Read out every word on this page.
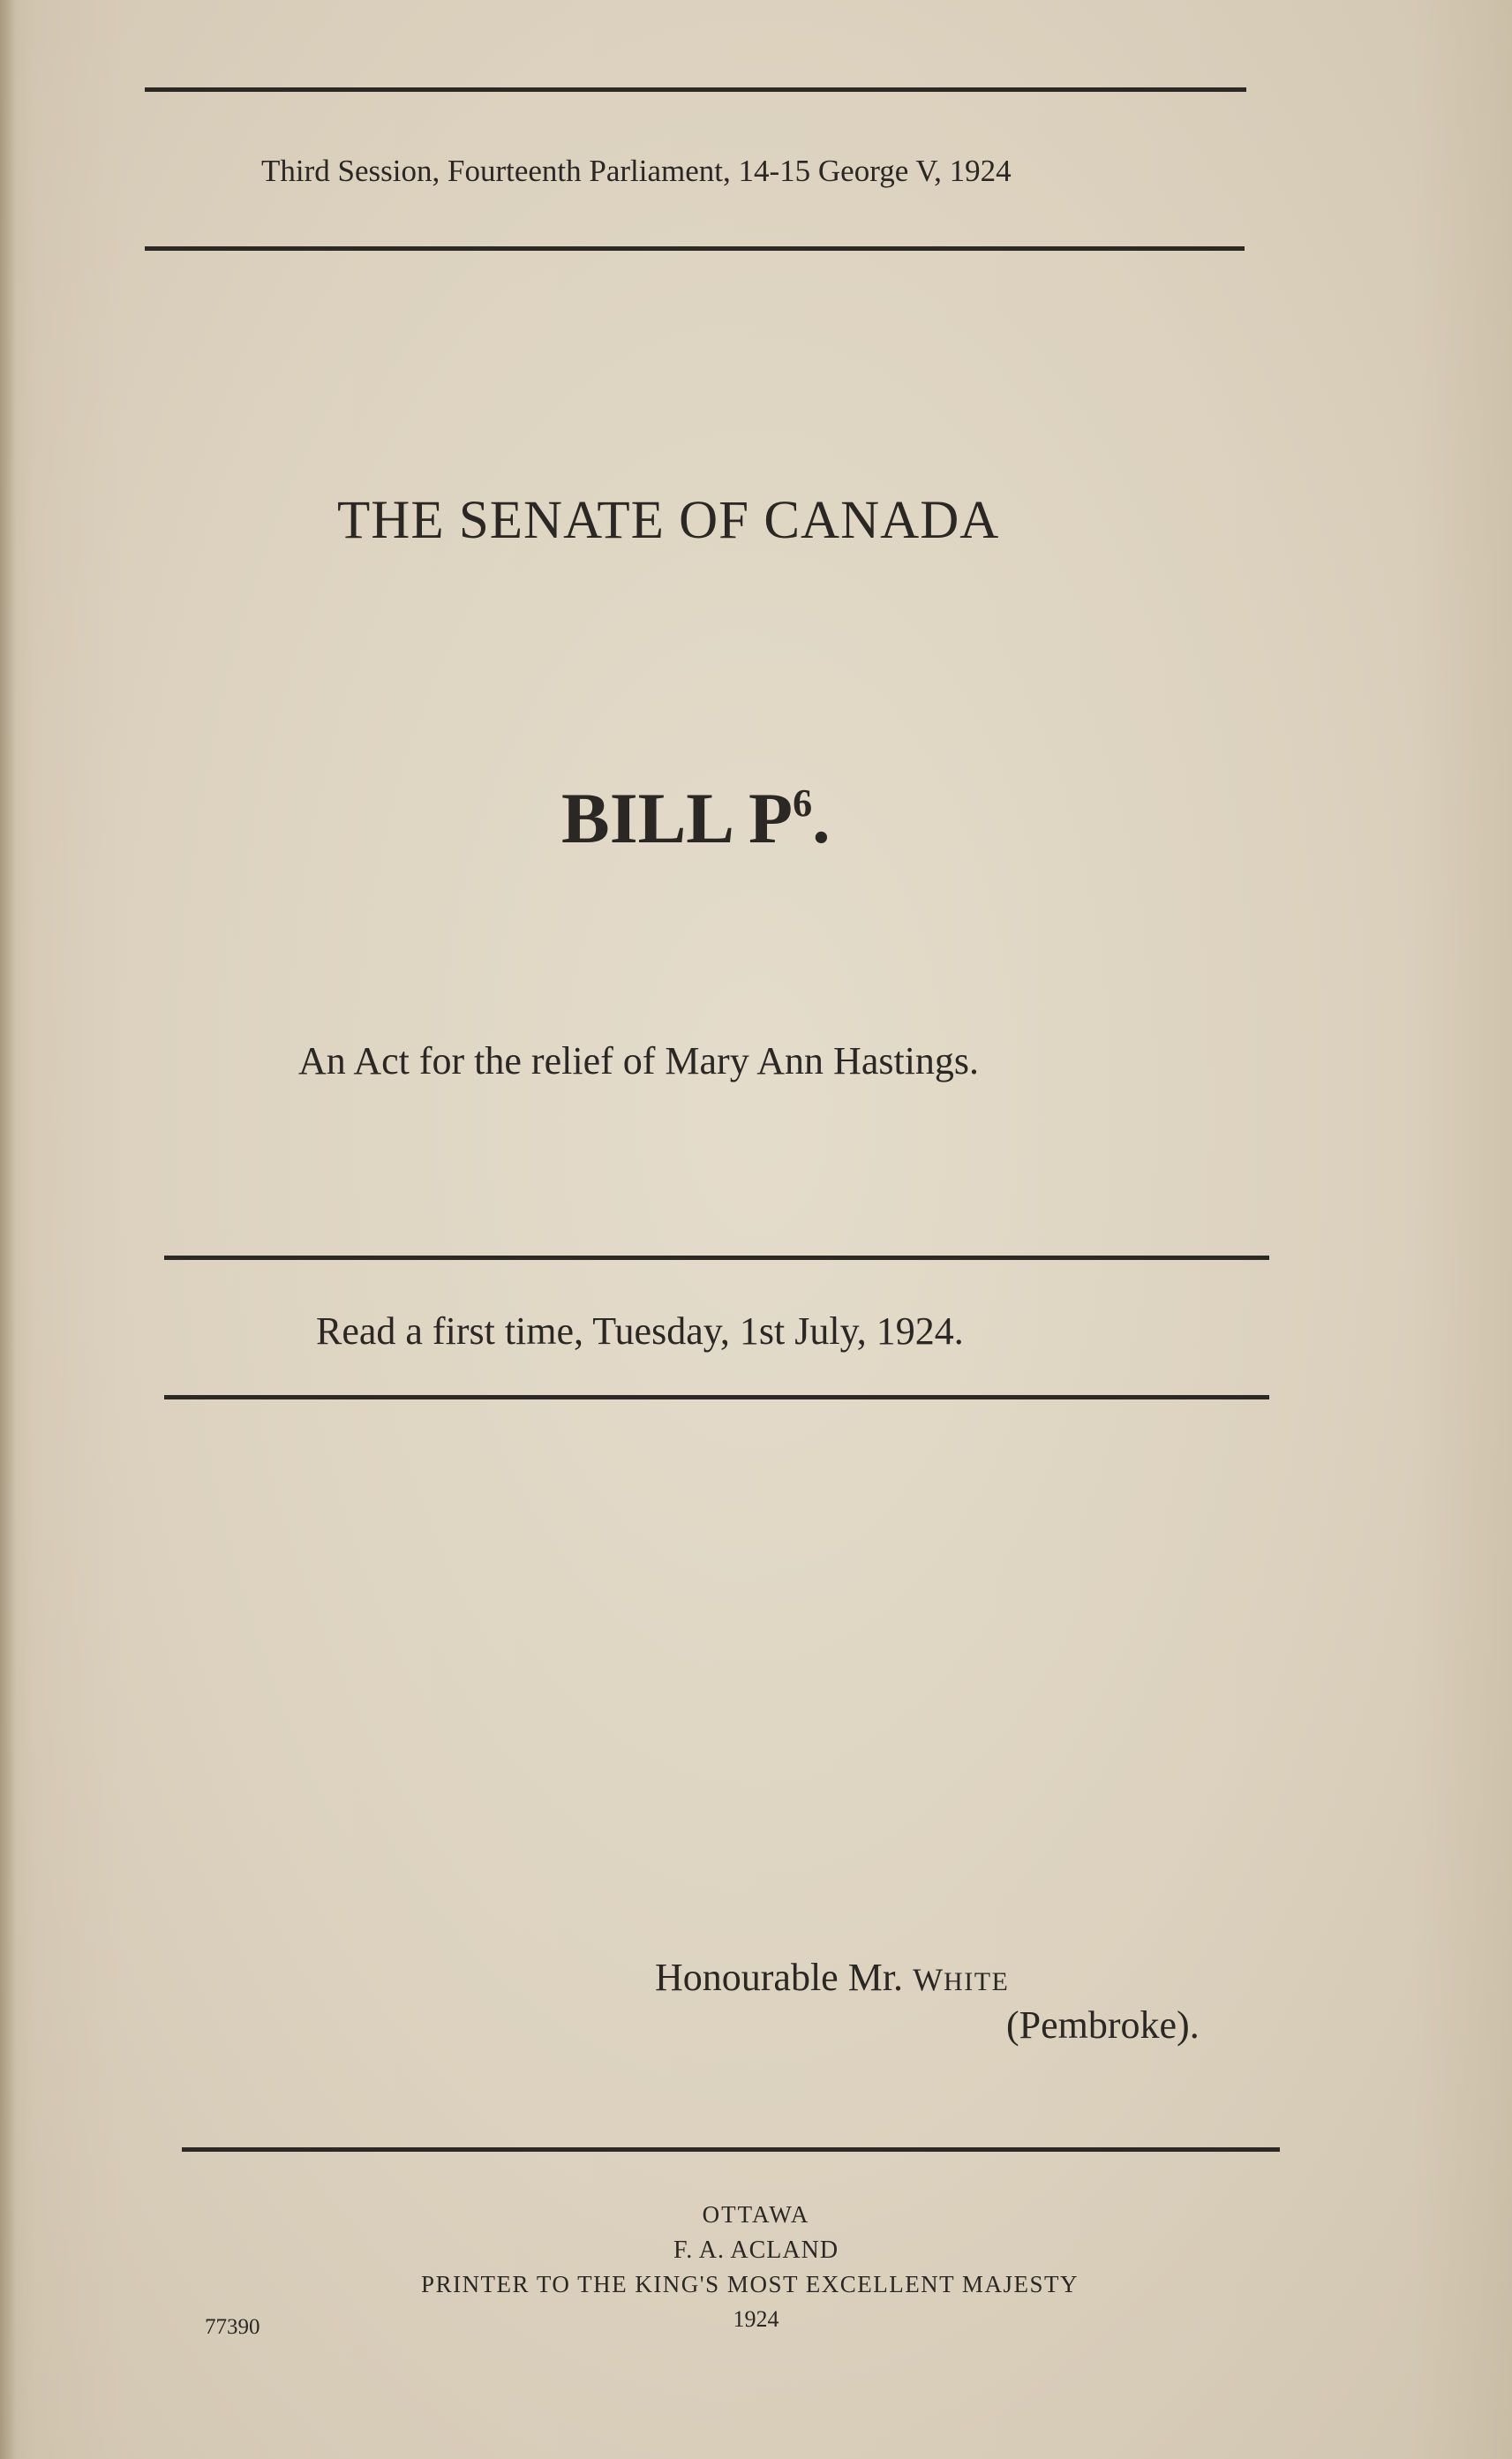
Third Session, Fourteenth Parliament, 14-15 George V, 1924
THE SENATE OF CANADA
BILL $P^6$.
An Act for the relief of Mary Ann Hastings.
Read a first time, Tuesday, 1st July, 1924.
Honourable Mr. WHITE
(Pembroke).
OTTAWA
F. A. ACLAND
PRINTER TO THE KING'S MOST EXCELLENT MAJESTY
1924
77390
